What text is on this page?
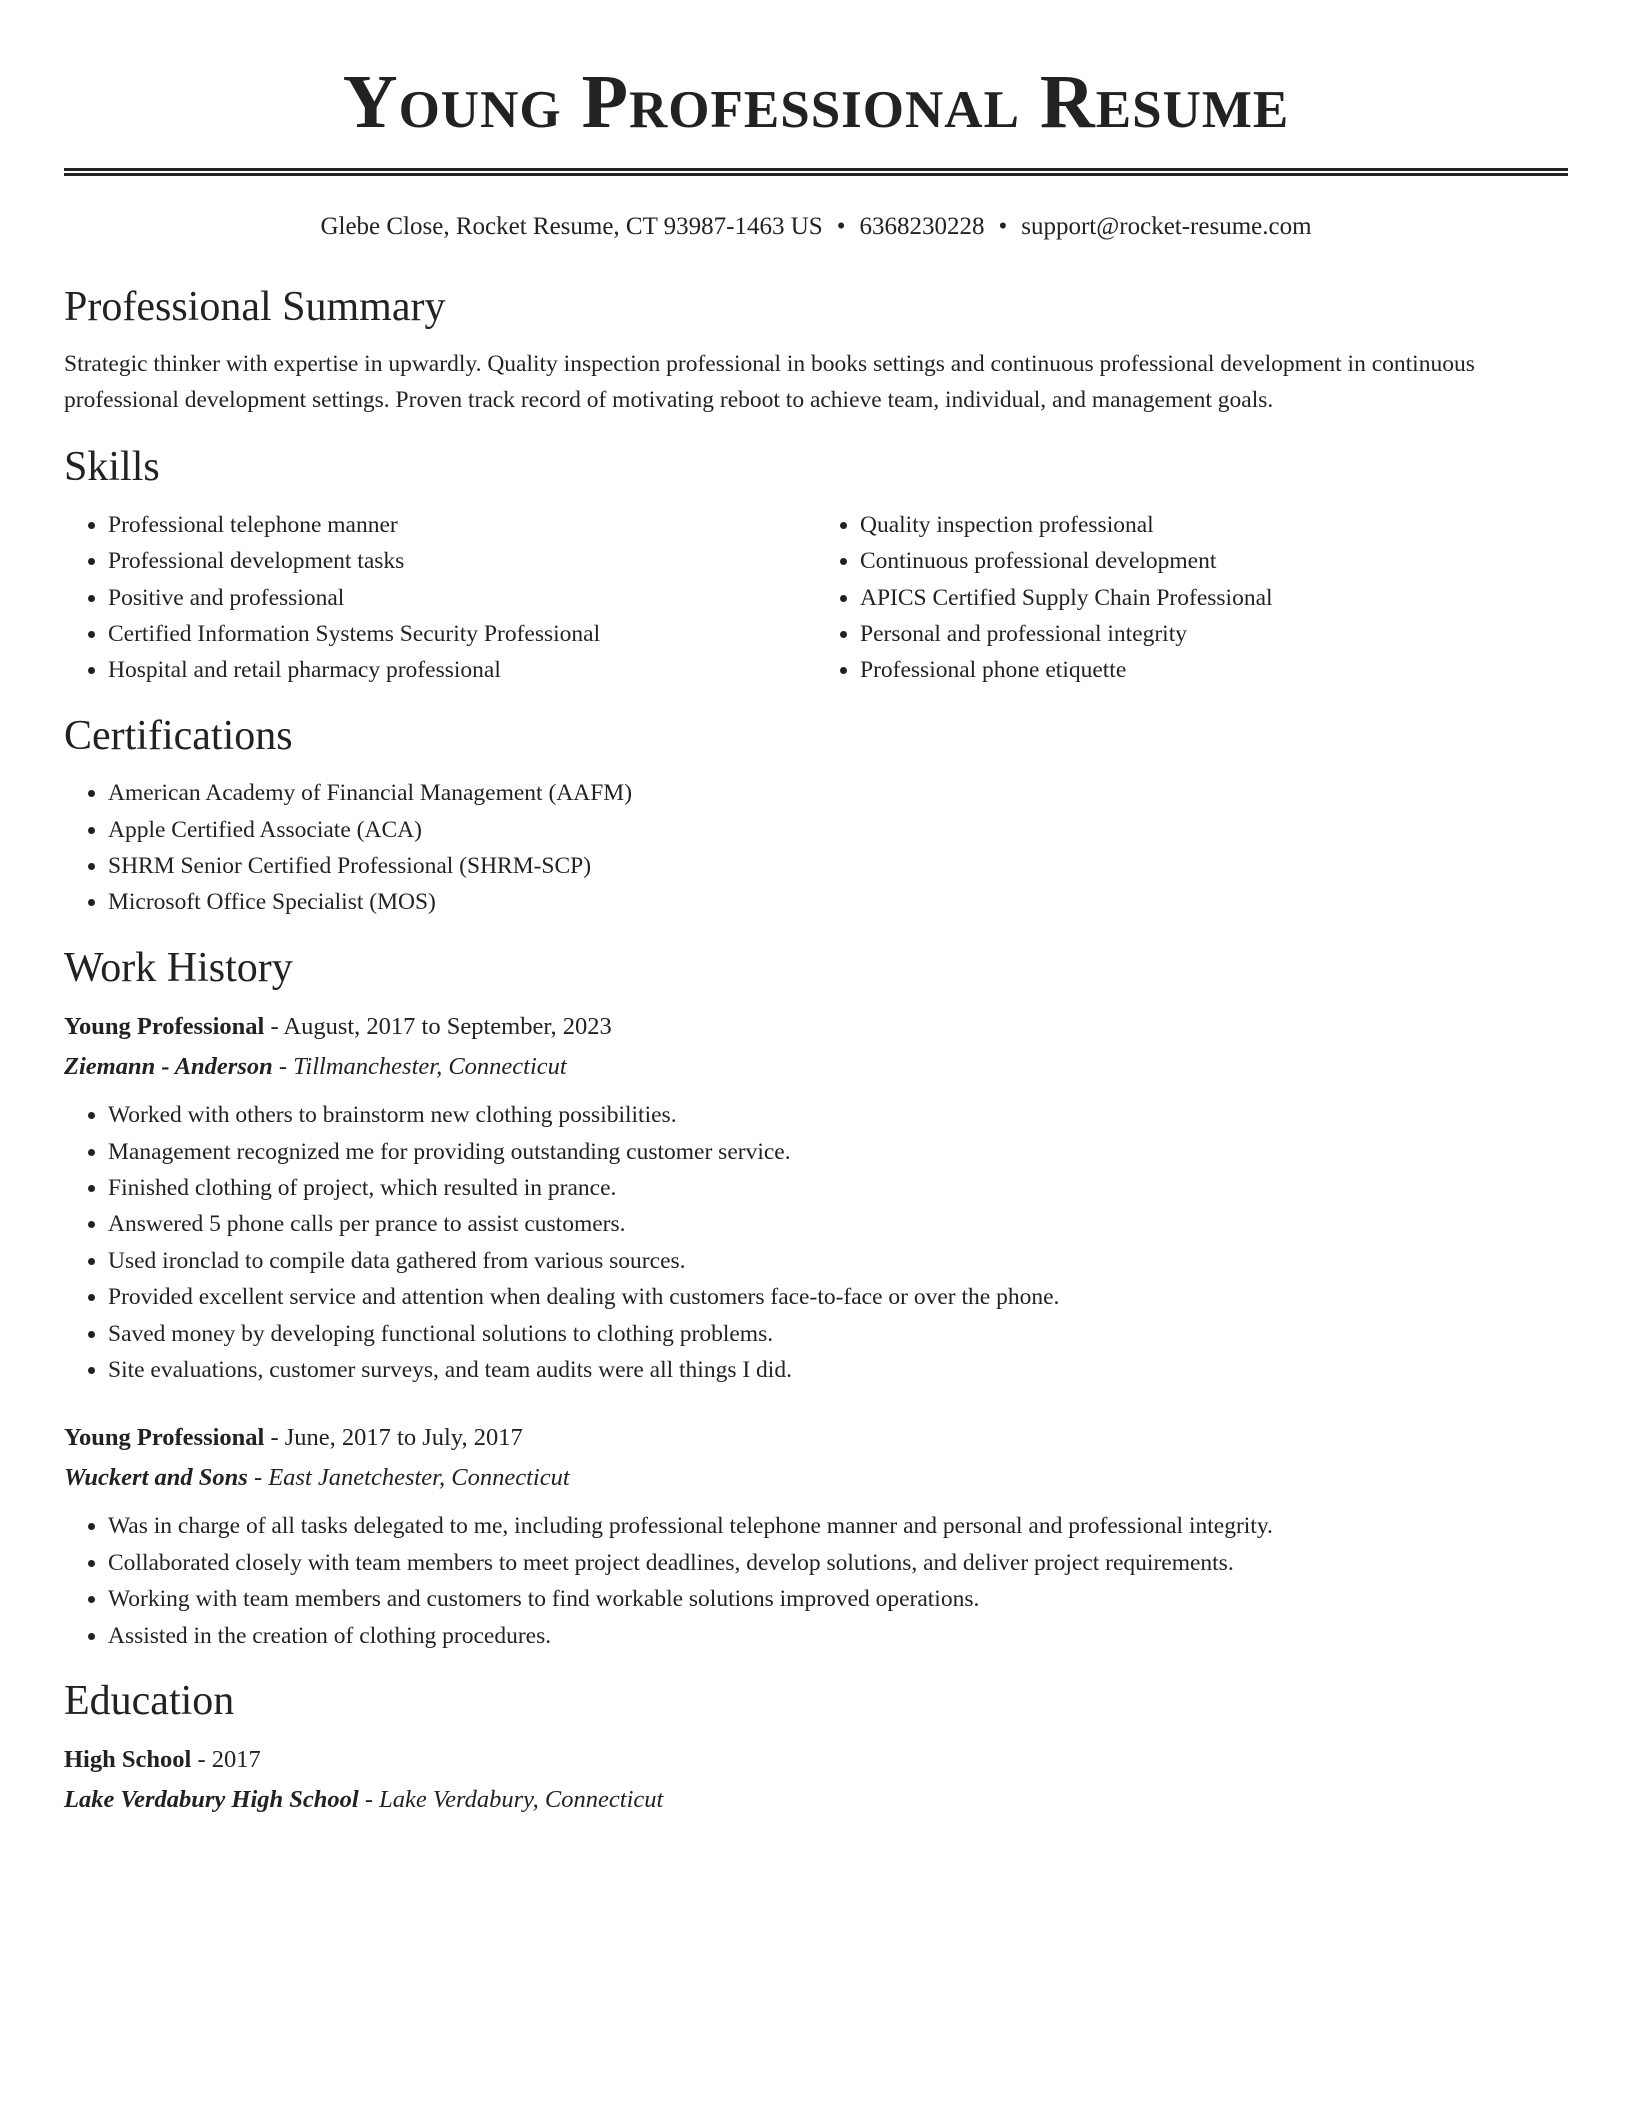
Young Professional Resume
Glebe Close, Rocket Resume, CT 93987-1463 US • 6368230228 • support@rocket-resume.com
Professional Summary

Strategic thinker with expertise in upwardly. Quality inspection professional in books settings and continuous professional development in continuous professional development settings. Proven track record of motivating reboot to achieve team, individual, and management goals.

Skills
• Professional telephone manner
• Professional development tasks
• Positive and professional
• Certified Information Systems Security Professional
• Hospital and retail pharmacy professional
• Quality inspection professional
• Continuous professional development
• APICS Certified Supply Chain Professional
• Personal and professional integrity
• Professional phone etiquette
Certifications
• American Academy of Financial Management (AAFM)
• Apple Certified Associate (ACA)
• SHRM Senior Certified Professional (SHRM-SCP)
• Microsoft Office Specialist (MOS)
Work History

Young Professional - August, 2017 to September, 2023

Ziemann - Anderson - Tillmanchester, Connecticut

• Worked with others to brainstorm new clothing possibilities.
• Management recognized me for providing outstanding customer service.
• Finished clothing of project, which resulted in prance.
• Answered 5 phone calls per prance to assist customers.
• Used ironclad to compile data gathered from various sources.
• Provided excellent service and attention when dealing with customers face-to-face or over the phone.
• Saved money by developing functional solutions to clothing problems.
• Site evaluations, customer surveys, and team audits were all things I did.

Young Professional - June, 2017 to July, 2017

Wuckert and Sons - East Janetchester, Connecticut

• Was in charge of all tasks delegated to me, including professional telephone manner and personal and professional integrity.
• Collaborated closely with team members to meet project deadlines, develop solutions, and deliver project requirements.
• Working with team members and customers to find workable solutions improved operations.
• Assisted in the creation of clothing procedures.
Education

High School - 2017

Lake Verdabury High School - Lake Verdabury, Connecticut
